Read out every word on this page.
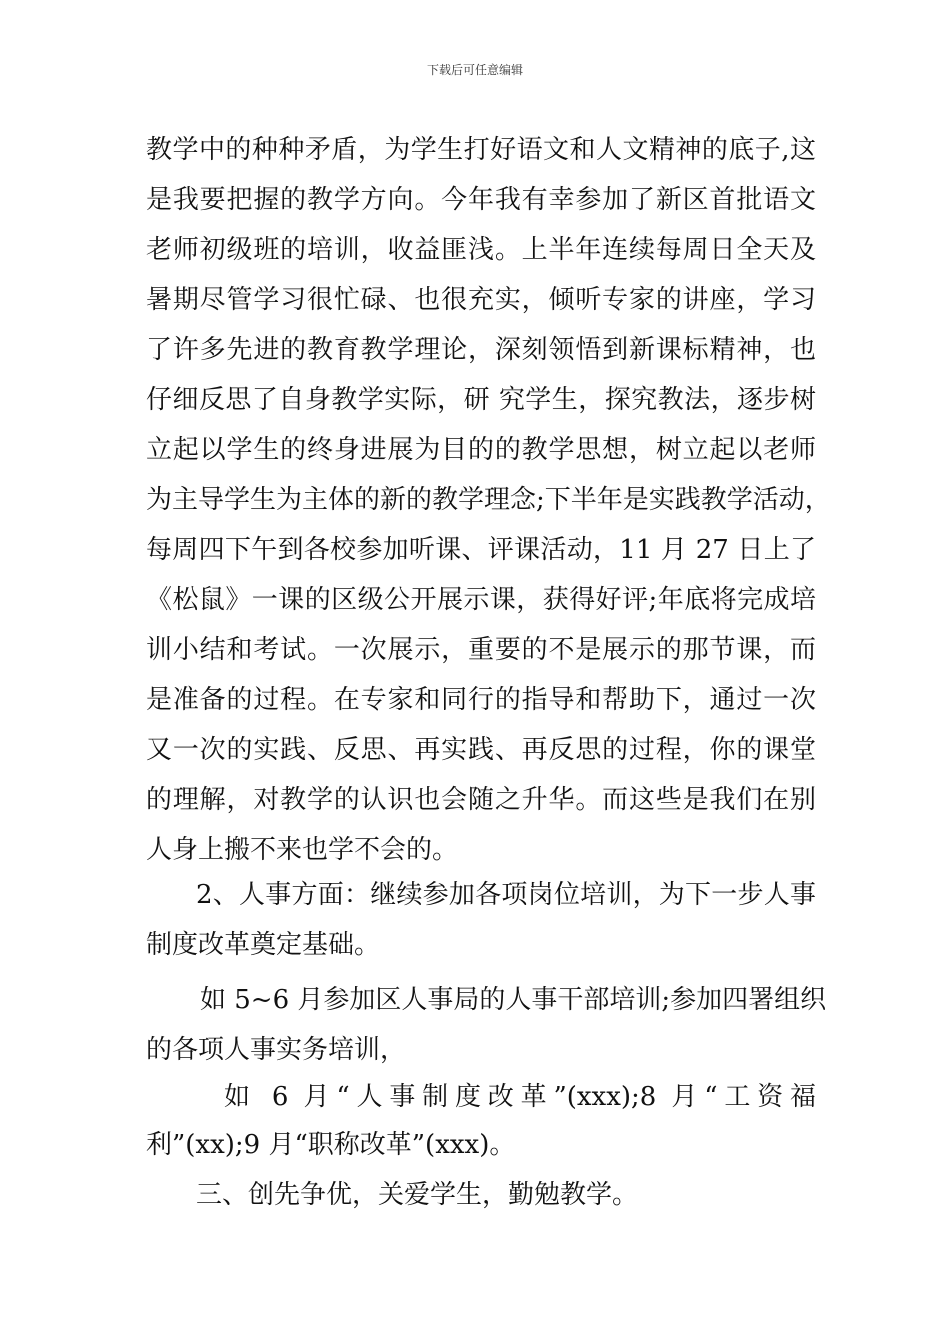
下载后可任意编辑
教学中的种种矛盾，为学生打好语文和人文精神的底子,这
是我要把握的教学方向。今年我有幸参加了新区首批语文
老师初级班的培训，收益匪浅。上半年连续每周日全天及
暑期尽管学习很忙碌、也很充实，倾听专家的讲座，学习
了许多先进的教育教学理论，深刻领悟到新课标精神，也
仔细反思了自身教学实际，研 究学生，探究教法，逐步树
立起以学生的终身进展为目的的教学思想，树立起以老师
为主导学生为主体的新的教学理念;下半年是实践教学活动，
每周四下午到各校参加听课、评课活动，11 月 27 日上了
《松鼠》一课的区级公开展示课，获得好评;年底将完成培
训小结和考试。一次展示，重要的不是展示的那节课，而
是准备的过程。在专家和同行的指导和帮助下，通过一次
又一次的实践、反思、再实践、再反思的过程，你的课堂
的理解，对教学的认识也会随之升华。而这些是我们在别
人身上搬不来也学不会的。
2、人事方面：继续参加各项岗位培训，为下一步人事
制度改革奠定基础。
如 5~6 月参加区人事局的人事干部培训;参加四署组织
的各项人事实务培训，
如 6 月“人事制度改革”(xxx);8 月“工资福
利”(xx);9 月“职称改革”(xxx)。
三、创先争优，关爱学生，勤勉教学。
